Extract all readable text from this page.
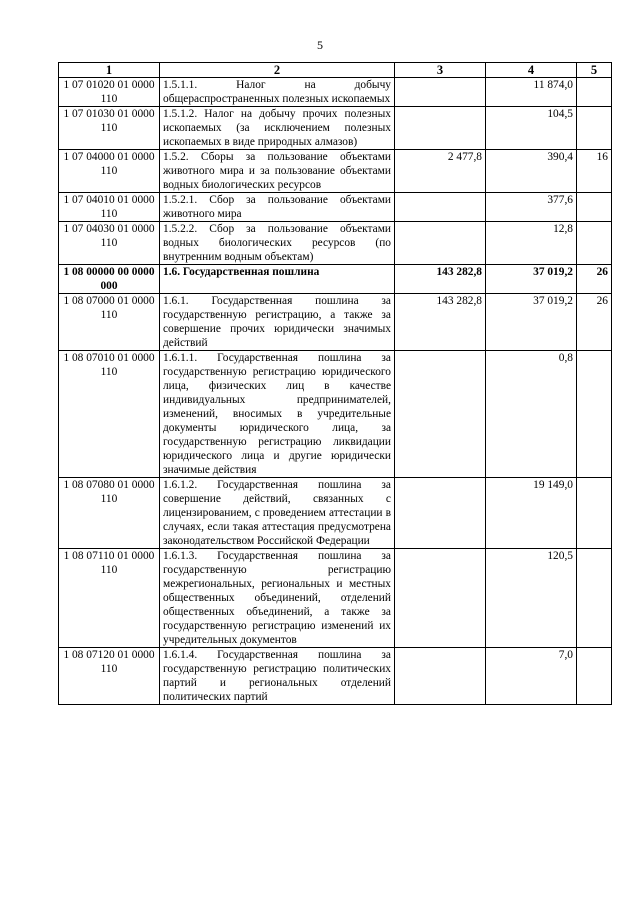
5
1	2	3	4	5
1 07 01020 01 0000 110	1.5.1.1. Налог на добычу общераспространенных полезных ископаемых		11 874,0	
1 07 01030 01 0000 110	1.5.1.2. Налог на добычу прочих полезных ископаемых (за исключением полезных ископаемых в виде природных алмазов)		104,5	
1 07 04000 01 0000 110	1.5.2. Сборы за пользование объектами животного мира и за пользование объектами водных биологических ресурсов	2 477,8	390,4	16
1 07 04010 01 0000 110	1.5.2.1. Сбор за пользование объектами животного мира		377,6	
1 07 04030 01 0000 110	1.5.2.2. Сбор за пользование объектами водных биологических ресурсов (по внутренним водным объектам)		12,8	
1 08 00000 00 0000 000	1.6. Государственная пошлина	143 282,8	37 019,2	26
1 08 07000 01 0000 110	1.6.1. Государственная пошлина за государственную регистрацию, а также за совершение прочих юридически значимых действий	143 282,8	37 019,2	26
1 08 07010 01 0000 110	1.6.1.1. Государственная пошлина за государственную регистрацию юридического лица, физических лиц в качестве индивидуальных предпринимателей, изменений, вносимых в учредительные документы юридического лица, за государственную регистрацию ликвидации юридического лица и другие юридически значимые действия		0,8	
1 08 07080 01 0000 110	1.6.1.2. Государственная пошлина за совершение действий, связанных с лицензированием, с проведением аттестации в случаях, если такая аттестация предусмотрена законодательством Российской Федерации		19 149,0	
1 08 07110 01 0000 110	1.6.1.3. Государственная пошлина за государственную регистрацию межрегиональных, региональных и местных общественных объединений, отделений общественных объединений, а также за государственную регистрацию изменений их учредительных документов		120,5	
1 08 07120 01 0000 110	1.6.1.4. Государственная пошлина за государственную регистрацию политических партий и региональных отделений политических партий		7,0	
